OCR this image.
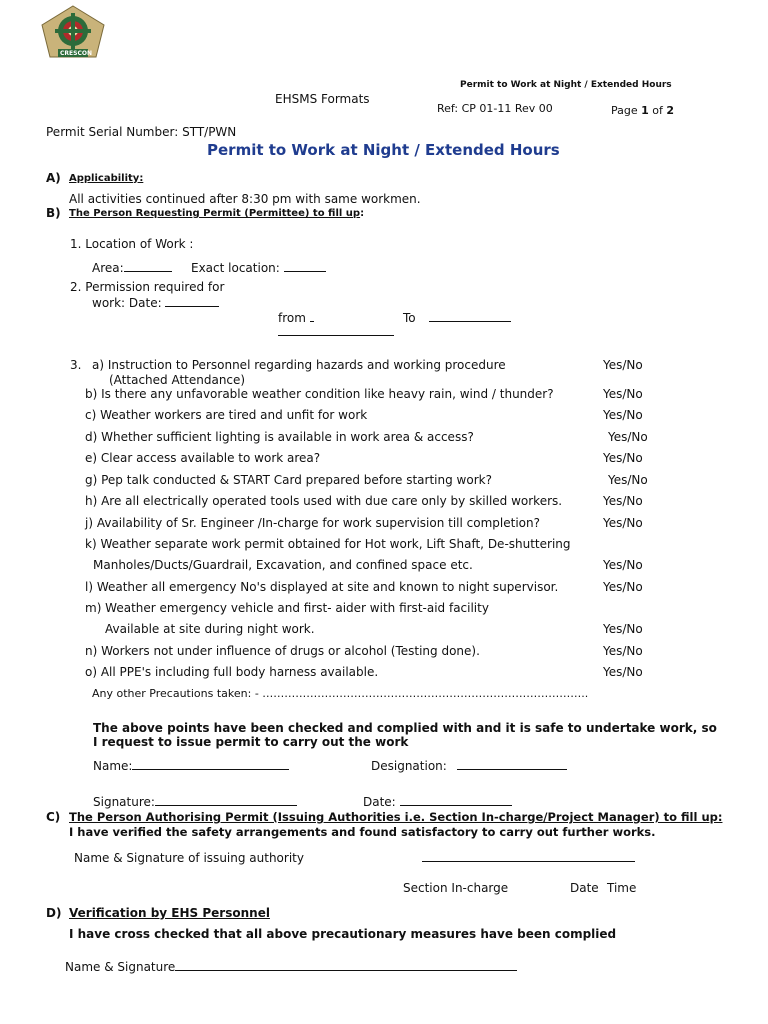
CRESCON
EHSMS Formats
Permit to Work at Night / Extended Hours
Ref: CP 01-11 Rev 00	Page 1 of 2
Permit Serial Number: STT/PWN
Permit to Work at Night / Extended Hours
A) Applicability:
All activities continued after 8:30 pm with same workmen.
B) The Person Requesting Permit (Permittee) to fill up:
1. Location of Work :
Area:	Exact location:
2. Permission required for
work: Date:
from	To
3. a) Instruction to Personnel regarding hazards and working procedure	Yes/No
(Attached Attendance)
b) Is there any unfavorable weather condition like heavy rain, wind / thunder?	Yes/No
c) Weather workers are tired and unfit for work	Yes/No
d) Whether sufficient lighting is available in work area & access?	Yes/No
e) Clear access available to work area?	Yes/No
g) Pep talk conducted & START Card prepared before starting work?	Yes/No
h) Are all electrically operated tools used with due care only by skilled workers.	Yes/No
j) Availability of Sr. Engineer /In-charge for work supervision till completion?	Yes/No
k) Weather separate work permit obtained for Hot work, Lift Shaft, De-shuttering
Manholes/Ducts/Guardrail, Excavation, and confined space etc.	Yes/No
l) Weather all emergency No's displayed at site and known to night supervisor.	Yes/No
m) Weather emergency vehicle and first- aider with first-aid facility
Available at site during night work.	Yes/No
n) Workers not under influence of drugs or alcohol (Testing done).	Yes/No
o) All PPE's including full body harness available.	Yes/No
Any other Precautions taken: - ……………………………………………………………………………..
The above points have been checked and complied with and it is safe to undertake work, so I request to issue permit to carry out the work
Name:	Designation:
Signature:	Date:
C) The Person Authorising Permit (Issuing Authorities i.e. Section In-charge/Project Manager) to fill up:
I have verified the safety arrangements and found satisfactory to carry out further works.
Name & Signature of issuing authority
Section In-charge	Date Time
D) Verification by EHS Personnel
I have cross checked that all above precautionary measures have been complied
Name & Signature
